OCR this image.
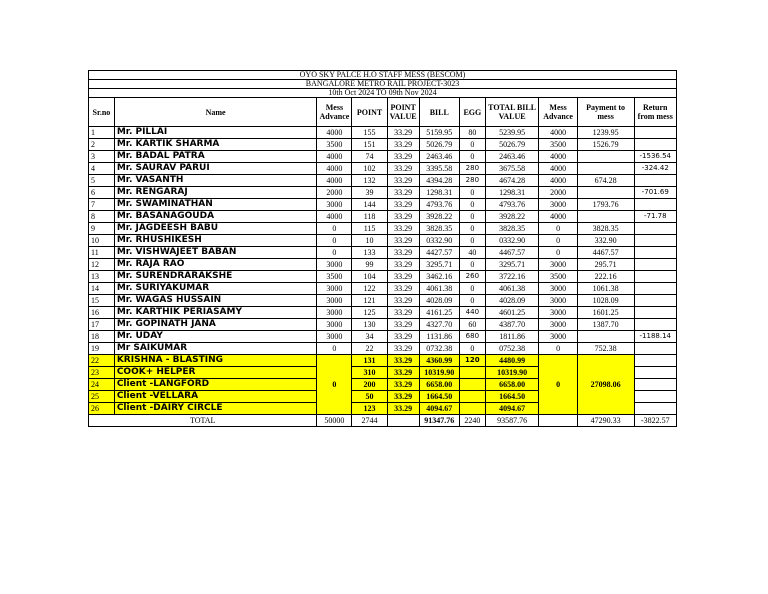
OYO SKY PALCE H.O STAFF MESS (BESCOM)										
BANGALORE METRO RAIL PROJECT-3023										
10th Oct 2024 TO 09th Nov 2024										
Sr.no	Name	Mess Advance	POINT	POINT VALUE	BILL	EGG	TOTAL BILL VALUE	Mess Advance	Payment to mess	Return from mess
1	Mr. PILLAI	4000	155	33.29	5159.95	80	5239.95	4000	1239.95	
2	Mr. KARTIK SHARMA	3500	151	33.29	5026.79	0	5026.79	3500	1526.79	
3	Mr. BADAL PATRA	4000	74	33.29	2463.46	0	2463.46	4000		-1536.54
4	Mr. SAURAV PARUI	4000	102	33.29	3395.58	280	3675.58	4000		-324.42
5	Mr. VASANTH	4000	132	33.29	4394.28	280	4674.28	4000	674.28	
6	Mr. RENGARAJ	2000	39	33.29	1298.31	0	1298.31	2000		-701.69
7	Mr. SWAMINATHAN	3000	144	33.29	4793.76	0	4793.76	3000	1793.76	
8	Mr. BASANAGOUDA	4000	118	33.29	3928.22	0	3928.22	4000		-71.78
9	Mr. JAGDEESH BABU	0	115	33.29	3828.35	0	3828.35	0	3828.35	
10	Mr. RHUSHIKESH	0	10	33.29	0332.90	0	0332.90	0	332.90	
11	Mr. VISHWAJEET BABAN	0	133	33.29	4427.57	40	4467.57	0	4467.57	
12	Mr. RAJA RAO	3000	99	33.29	3295.71	0	3295.71	3000	295.71	
13	Mr. SURENDRARAKSHE	3500	104	33.29	3462.16	260	3722.16	3500	222.16	
14	Mr. SURIYAKUMAR	3000	122	33.29	4061.38	0	4061.38	3000	1061.38	
15	Mr. WAGAS HUSSAIN	3000	121	33.29	4028.09	0	4028.09	3000	1028.09	
16	Mr. KARTHIK PERIASAMY	3000	125	33.29	4161.25	440	4601.25	3000	1601.25	
17	Mr. GOPINATH JANA	3000	130	33.29	4327.70	60	4387.70	3000	1387.70	
18	Mr. UDAY	3000	34	33.29	1131.86	680	1811.86	3000		-1188.14
19	Mr SAIKUMAR	0	22	33.29	0732.38	0	0752.38	0	752.38	
22	KRISHNA - BLASTING	0	131	33.29	4360.99	120	4480.99	0	27098.06	
23	COOK+ HELPER		310	33.29	10319.90		10319.90			
24	Client -LANGFORD		200	33.29	6658.00		6658.00			
25	Client -VELLARA		50	33.29	1664.50		1664.50			
26	Client -DAIRY CIRCLE		123	33.29	4094.67		4094.67			
TOTAL		50000	2744		91347.76	2240	93587.76		47290.33	-3822.57
